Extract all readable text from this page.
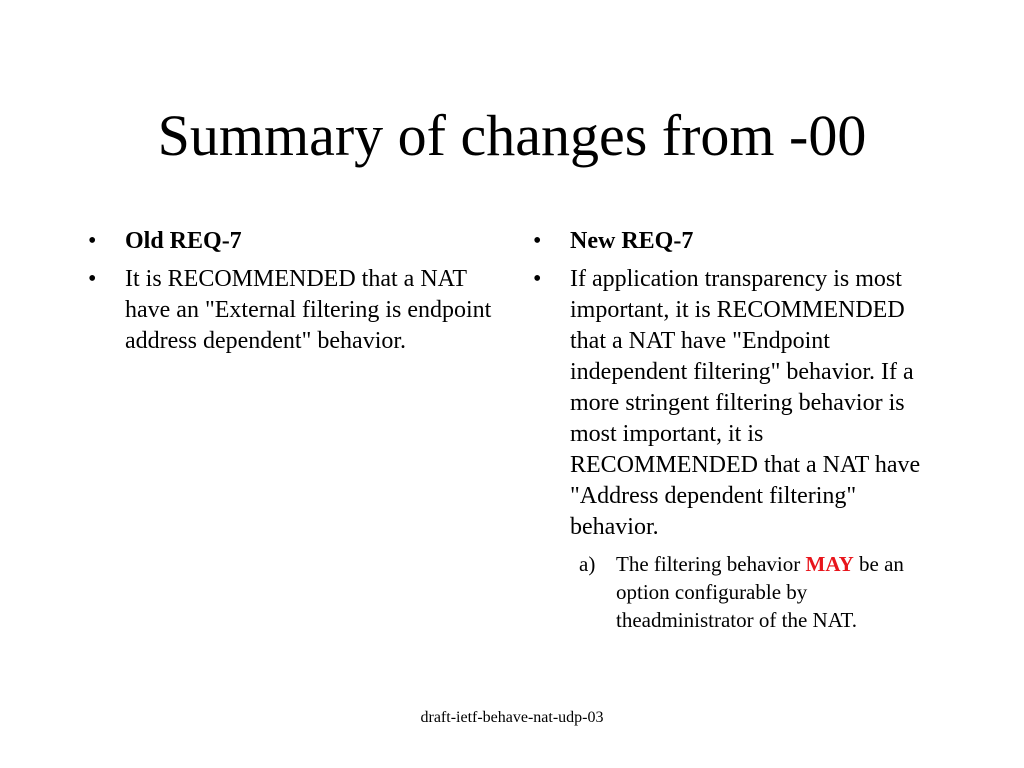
Summary of changes from -00
• Old REQ-7
• It is RECOMMENDED that a NAT have an "External filtering is endpoint address dependent" behavior.
• New REQ-7
• If application transparency is most important, it is RECOMMENDED that a NAT have "Endpoint independent filtering" behavior. If a more stringent filtering behavior is most important, it is RECOMMENDED that a NAT have "Address dependent filtering" behavior.
a) The filtering behavior MAY be an option configurable by theadministrator of the NAT.
draft-ietf-behave-nat-udp-03
